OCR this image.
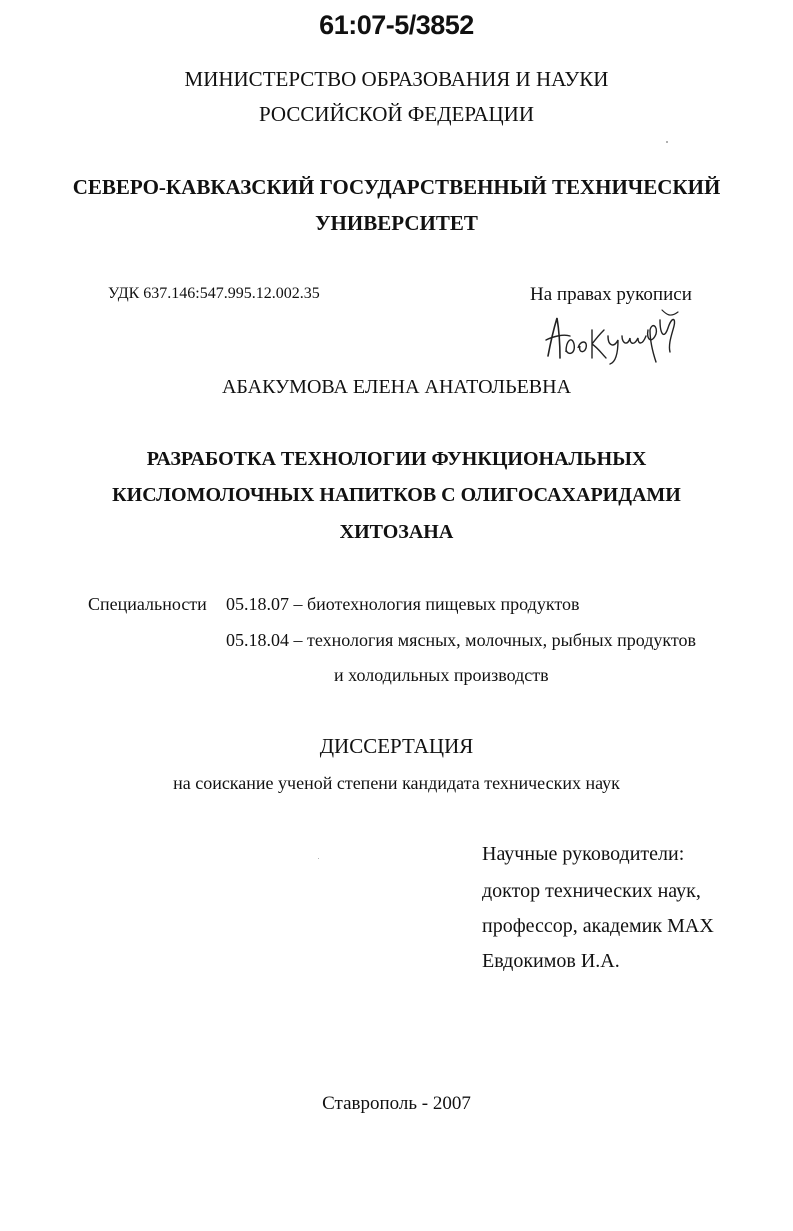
61:07-5/3852
МИНИСТЕРСТВО ОБРАЗОВАНИЯ И НАУКИ
РОССИЙСКОЙ ФЕДЕРАЦИИ
СЕВЕРО-КАВКАЗСКИЙ ГОСУДАРСТВЕННЫЙ ТЕХНИЧЕСКИЙ
УНИВЕРСИТЕТ
УДК 637.146:547.995.12.002.35	На правах рукописи
АБАКУМОВА ЕЛЕНА АНАТОЛЬЕВНА
РАЗРАБОТКА ТЕХНОЛОГИИ ФУНКЦИОНАЛЬНЫХ
КИСЛОМОЛОЧНЫХ НАПИТКОВ С ОЛИГОСАХАРИДАМИ
ХИТОЗАНА
Специальности 05.18.07 – биотехнология пищевых продуктов
05.18.04 – технология мясных, молочных, рыбных продуктов
и холодильных производств
ДИССЕРТАЦИЯ
на соискание ученой степени кандидата технических наук
Научные руководители:
доктор технических наук,
профессор, академик МАХ
Евдокимов И.А.
Ставрополь - 2007
